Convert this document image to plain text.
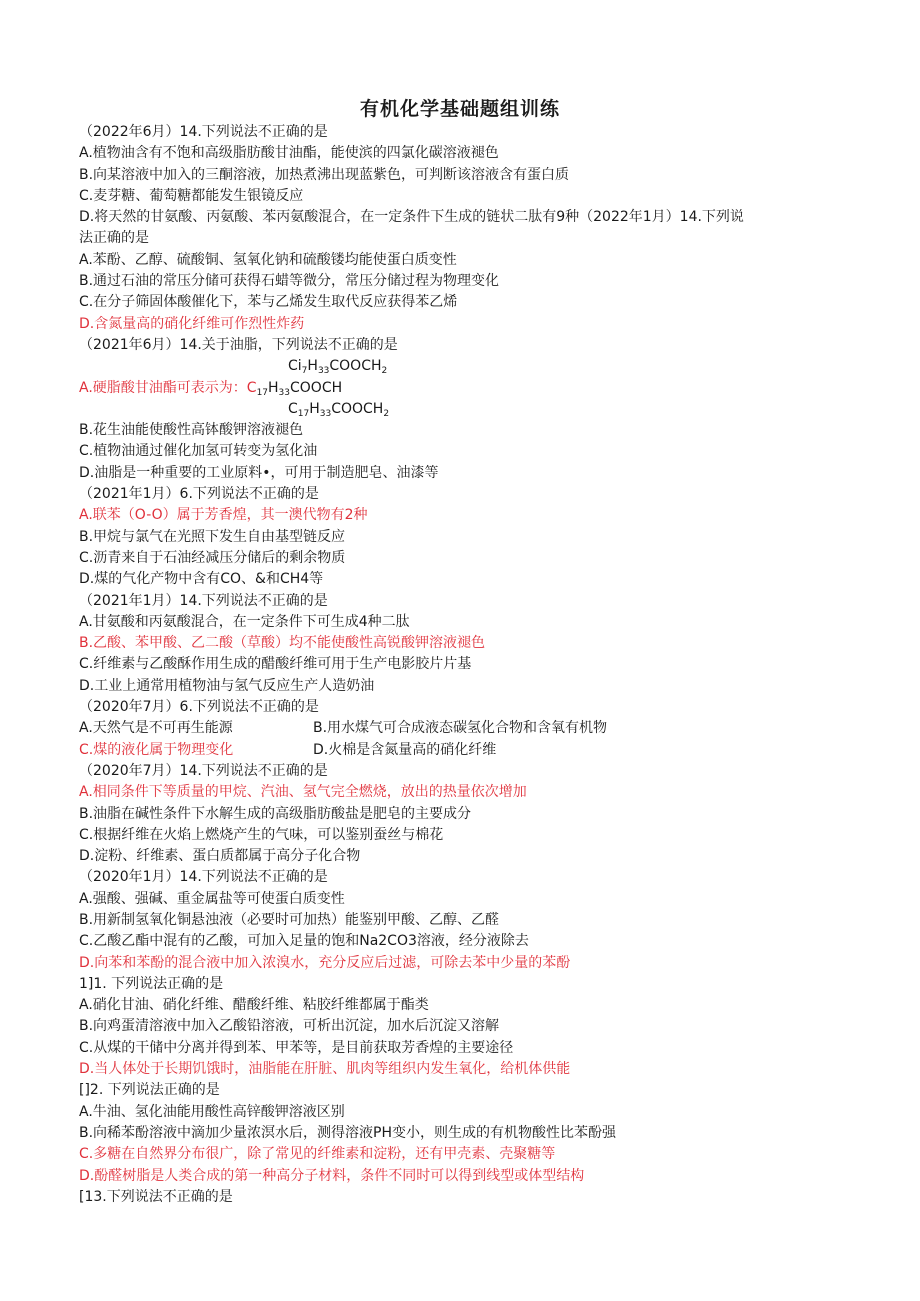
有机化学基础题组训练
（2022年6月）14.下列说法不正确的是
A.植物油含有不饱和高级脂肪酸甘油酯，能使滨的四氯化碳溶液褪色
B.向某溶液中加入的三酮溶液，加热煮沸出现蓝紫色，可判断该溶液含有蛋白质
C.麦芽糖、葡萄糖都能发生银镜反应
D.将天然的甘氨酸、丙氨酸、苯丙氨酸混合，在一定条件下生成的链状二肽有9种（2022年1月）14.下列说
法正确的是
A.苯酚、乙醇、硫酸铜、氢氧化钠和硫酸镂均能使蛋白质变性
B.通过石油的常压分储可获得石蜡等微分，常压分储过程为物理变化
C.在分子筛固体酸催化下，苯与乙烯发生取代反应获得苯乙烯
D.含氮量高的硝化纤维可作烈性炸药
（2021年6月）14.关于油脂，下列说法不正确的是
$Ci_7H_{33}COOCH_2$
A.硬脂酸甘油酯可表示为：$C_{17}H_{33}COOCH$
$C_{17}H_{33}COOCH_2$
B.花生油能使酸性高钵酸钾溶液褪色
C.植物油通过催化加氢可转变为氢化油
D.油脂是一种重要的工业原料•，可用于制造肥皂、油漆等
（2021年1月）6.下列说法不正确的是
A.联苯（O-O）属于芳香煌，其一澳代物有2种
B.甲烷与氯气在光照下发生自由基型链反应
C.沥青来自于石油经减压分储后的剩余物质
D.煤的气化产物中含有CO、&和CH4等
（2021年1月）14.下列说法不正确的是
A.甘氨酸和丙氨酸混合，在一定条件下可生成4种二肽
B.乙酸、苯甲酸、乙二酸（草酸）均不能使酸性高锐酸钾溶液褪色
C.纤维素与乙酸酥作用生成的醋酸纤维可用于生产电影胶片片基
D.工业上通常用植物油与氢气反应生产人造奶油
（2020年7月）6.下列说法不正确的是
A.天然气是不可再生能源	B.用水煤气可合成液态碳氢化合物和含氧有机物
C.煤的液化属于物理变化	D.火棉是含氮量高的硝化纤维
（2020年7月）14.下列说法不正确的是
A.相同条件下等质量的甲烷、汽油、氢气完全燃烧，放出的热量依次增加
B.油脂在碱性条件下水解生成的高级脂肪酸盐是肥皂的主要成分
C.根据纤维在火焰上燃烧产生的气味，可以鉴别蚕丝与棉花
D.淀粉、纤维素、蛋白质都属于高分子化合物
（2020年1月）14.下列说法不正确的是
A.强酸、强碱、重金属盐等可使蛋白质变性
B.用新制氢氧化铜悬浊液（必要时可加热）能鉴别甲酸、乙醇、乙醛
C.乙酸乙酯中混有的乙酸，可加入足量的饱和Na2CO3溶液，经分液除去
D.向苯和苯酚的混合液中加入浓溴水，充分反应后过滤，可除去苯中少量的苯酚
1]1. 下列说法正确的是
A.硝化甘油、硝化纤维、醋酸纤维、粘胶纤维都属于酯类
B.向鸡蛋清溶液中加入乙酸铅溶液，可析出沉淀，加水后沉淀又溶解
C.从煤的干储中分离并得到苯、甲苯等，是目前获取芳香煌的主要途径
D.当人体处于长期饥饿时，油脂能在肝脏、肌肉等组织内发生氧化，给机体供能
[]2. 下列说法正确的是
A.牛油、氢化油能用酸性高锌酸钾溶液区别
B.向稀苯酚溶液中滴加少量浓溟水后，测得溶液PH变小，则生成的有机物酸性比苯酚强
C.多糖在自然界分布很广，除了常见的纤维素和淀粉，还有甲壳素、壳聚糖等
D.酚醛树脂是人类合成的第一种高分子材料，条件不同时可以得到线型或体型结构
[13.下列说法不正确的是
